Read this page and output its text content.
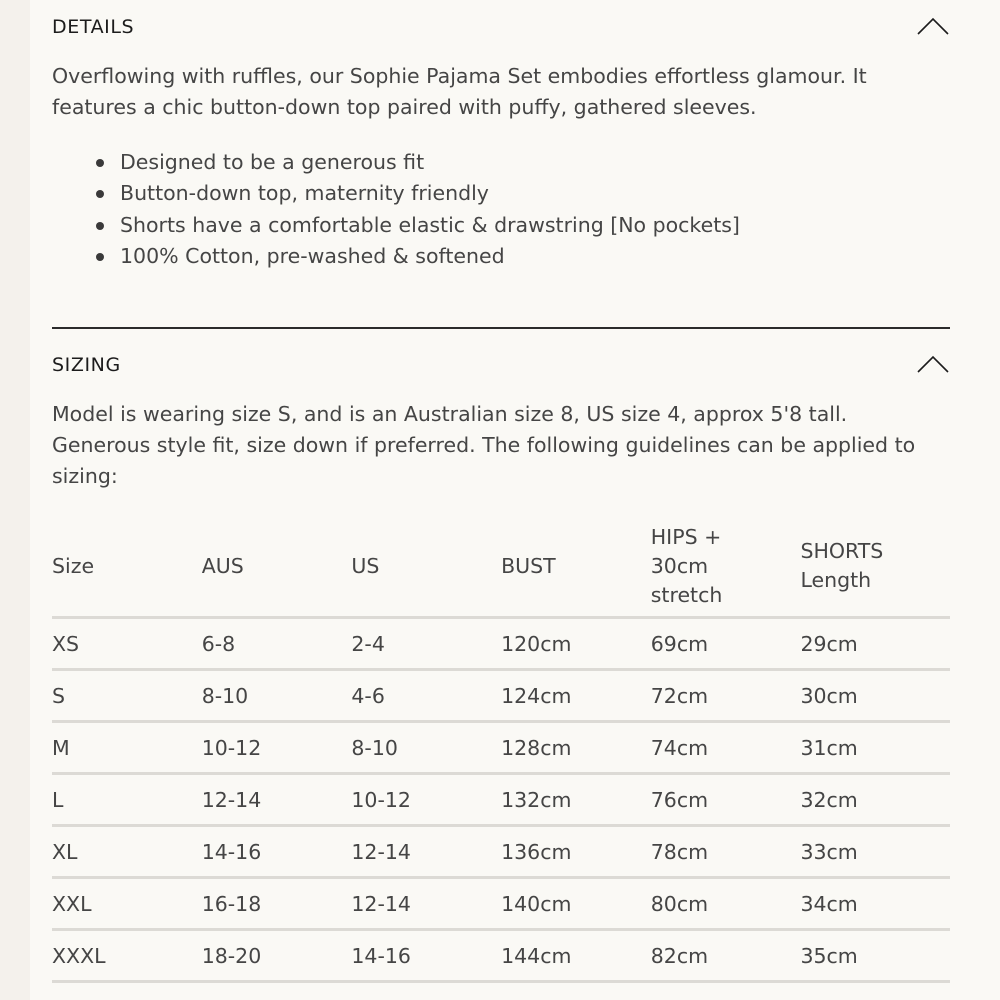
DETAILS

Overflowing with ruffles, our Sophie Pajama Set embodies effortless glamour. It
features a chic button-down top paired with puffy, gathered sleeves.

Designed to be a generous fit
Button-down top, maternity friendly
Shorts have a comfortable elastic & drawstring [No pockets]
100% Cotton, pre-washed & softened
SIZING

Model is wearing size S, and is an Australian size 8, US size 4, approx 5'8 tall.
Generous style fit, size down if preferred. The following guidelines can be applied to
sizing:

Size	AUS	US	BUST	HIPS +
30cm
stretch	SHORTS
Length

XS	6-8	2-4	120cm	69cm	29cm
S	8-10	4-6	124cm	72cm	30cm
M	10-12	8-10	128cm	74cm	31cm
L	12-14	10-12	132cm	76cm	32cm
XL	14-16	12-14	136cm	78cm	33cm
XXL	16-18	12-14	140cm	80cm	34cm
XXXL	18-20	14-16	144cm	82cm	35cm
